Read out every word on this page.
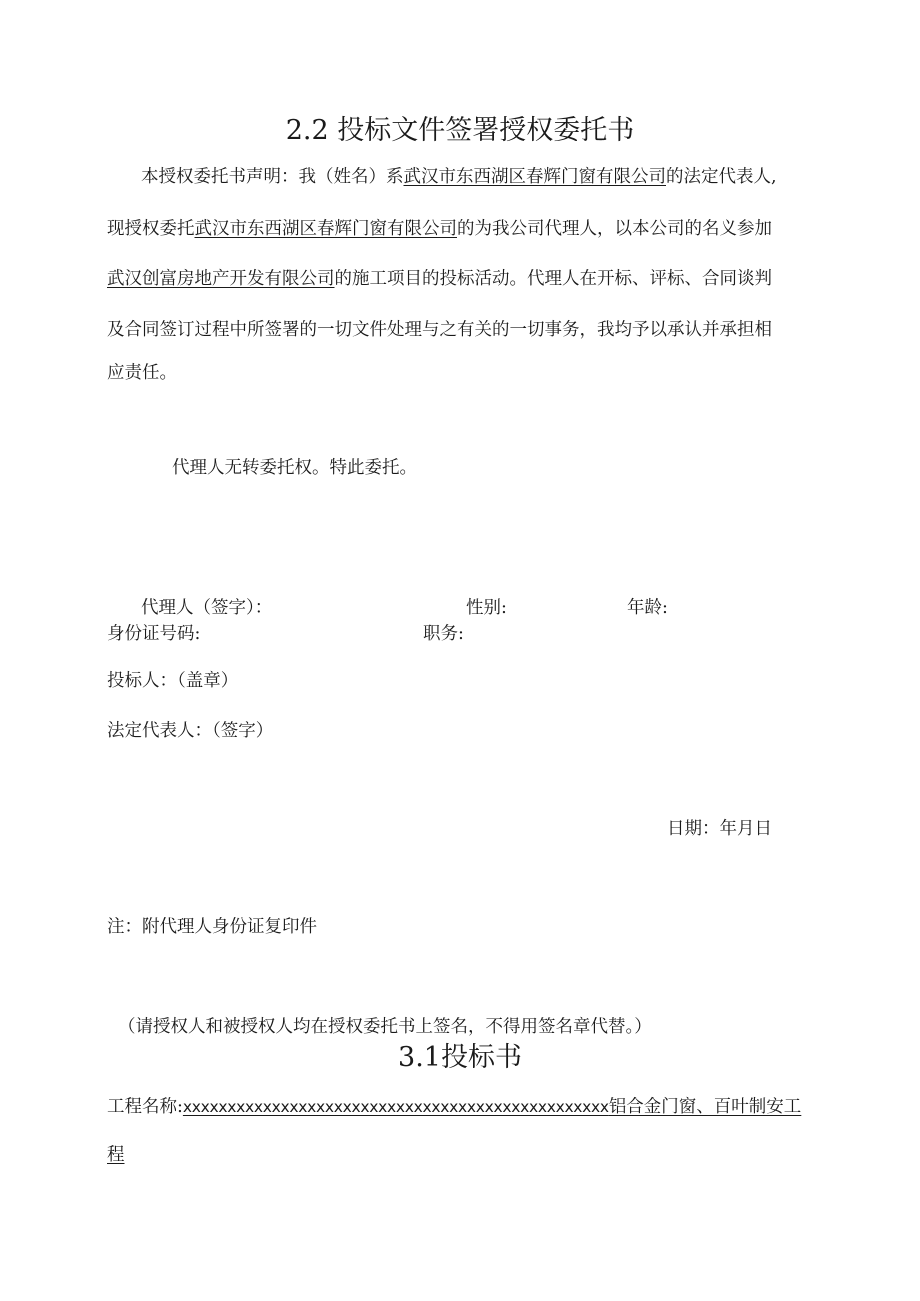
2.2 投标文件签署授权委托书
本授权委托书声明：我（姓名）系武汉市东西湖区春辉门窗有限公司的法定代表人,
现授权委托武汉市东西湖区春辉门窗有限公司的为我公司代理人，以本公司的名义参加
武汉创富房地产开发有限公司的施工项目的投标活动。代理人在开标、评标、合同谈判
及合同签订过程中所签署的一切文件处理与之有关的一切事务，我均予以承认并承担相
应责任。
代理人无转委托权。特此委托。
代理人（签字）：	性别:	年龄:
身份证号码:	职务:
投标人：（盖章）
法定代表人：（签字）
日期：年月日
注：附代理人身份证复印件
（请授权人和被授权人均在授权委托书上签名，不得用签名章代替。）
3.1投标书
工程名称:xxxxxxxxxxxxxxxxxxxxxxxxxxxxxxxxxxxxxxxxxxxxxxxx铝合金门窗、百叶制安工
程
